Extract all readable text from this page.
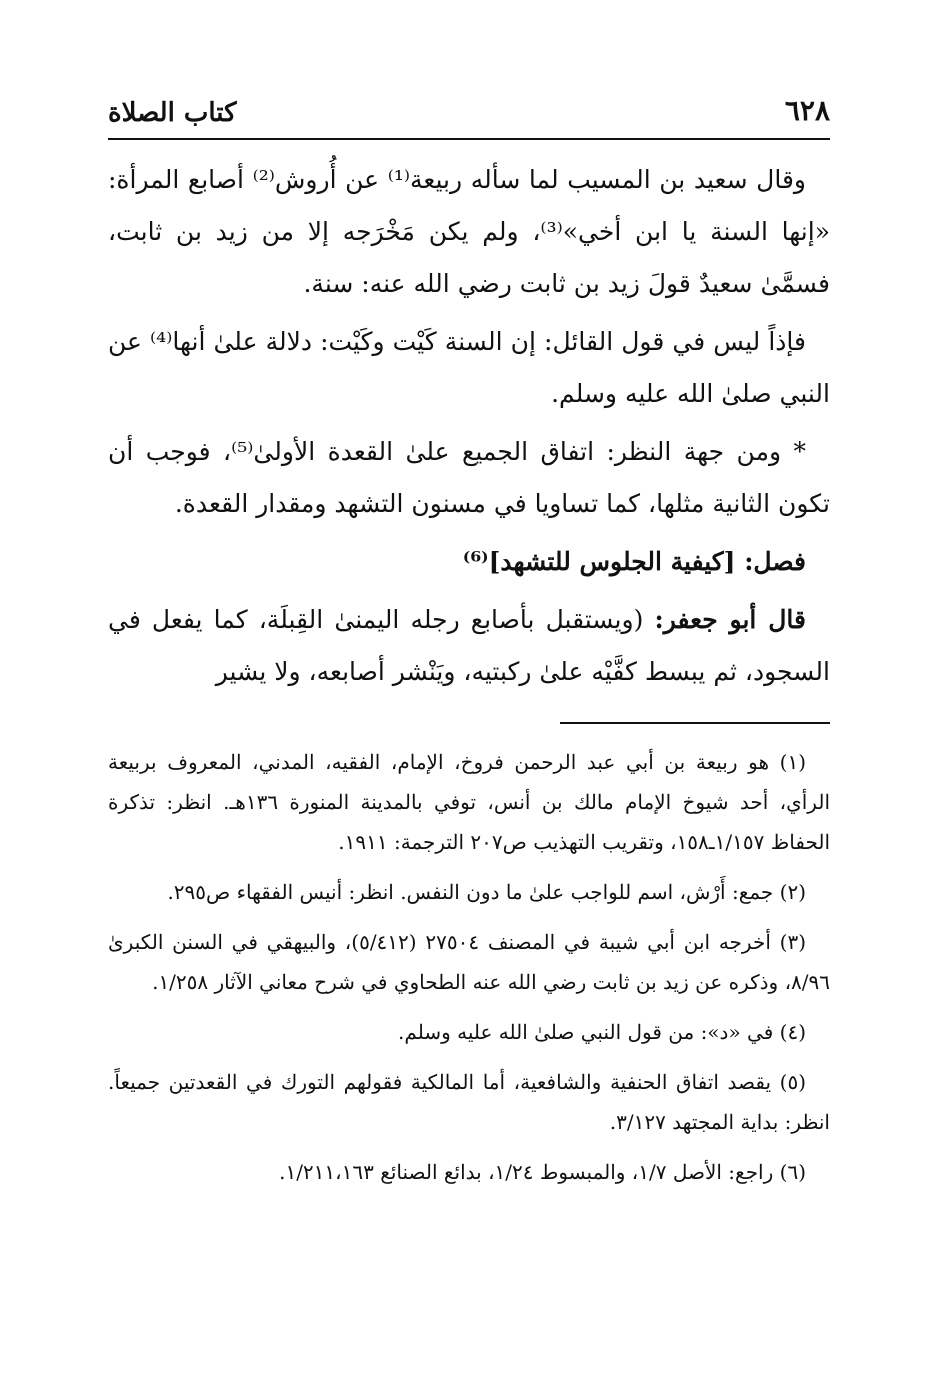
٦٢٨
كتاب الصلاة

وقال سعيد بن المسيب لما سأله ربيعة⁽¹⁾ عن أُروش⁽²⁾ أصابع المرأة: «إنها السنة يا ابن أخي»⁽³⁾، ولم يكن مَخْرَجه إلا من زيد بن ثابت، فسمَّىٰ سعيدٌ قولَ زيد بن ثابت رضي الله عنه: سنة.

فإذاً ليس في قول القائل: إن السنة كَيْت وكَيْت: دلالة علىٰ أنها⁽⁴⁾ عن النبي صلىٰ الله عليه وسلم.

* ومن جهة النظر: اتفاق الجميع علىٰ القعدة الأولىٰ⁽⁵⁾، فوجب أن تكون الثانية مثلها، كما تساويا في مسنون التشهد ومقدار القعدة.

فصل: [كيفية الجلوس للتشهد]⁽⁶⁾

قال أبو جعفر: (ويستقبل بأصابع رجله اليمنىٰ القِبلَة، كما يفعل في السجود، ثم يبسط كفَّيْه علىٰ ركبتيه، ويَنْشر أصابعه، ولا يشير

(١) هو ربيعة بن أبي عبد الرحمن فروخ، الإمام، الفقيه، المدني، المعروف بربيعة الرأي، أحد شيوخ الإمام مالك بن أنس، توفي بالمدينة المنورة ١٣٦هـ. انظر: تذكرة الحفاظ ١/١٥٧ـ١٥٨، وتقريب التهذيب ص٢٠٧ الترجمة: ١٩١١.

(٢) جمع: أَرْش، اسم للواجب علىٰ ما دون النفس. انظر: أنيس الفقهاء ص٢٩٥.

(٣) أخرجه ابن أبي شيبة في المصنف ٢٧٥٠٤ (٥/٤١٢)، والبيهقي في السنن الكبرىٰ ٨/٩٦، وذكره عن زيد بن ثابت رضي الله عنه الطحاوي في شرح معاني الآثار ١/٢٥٨.

(٤) في «د»: من قول النبي صلىٰ الله عليه وسلم.

(٥) يقصد اتفاق الحنفية والشافعية، أما المالكية فقولهم التورك في القعدتين جميعاً. انظر: بداية المجتهد ٣/١٢٧.

(٦) راجع: الأصل ١/٧، والمبسوط ١/٢٤، بدائع الصنائع ١/٢١١،١٦٣.
